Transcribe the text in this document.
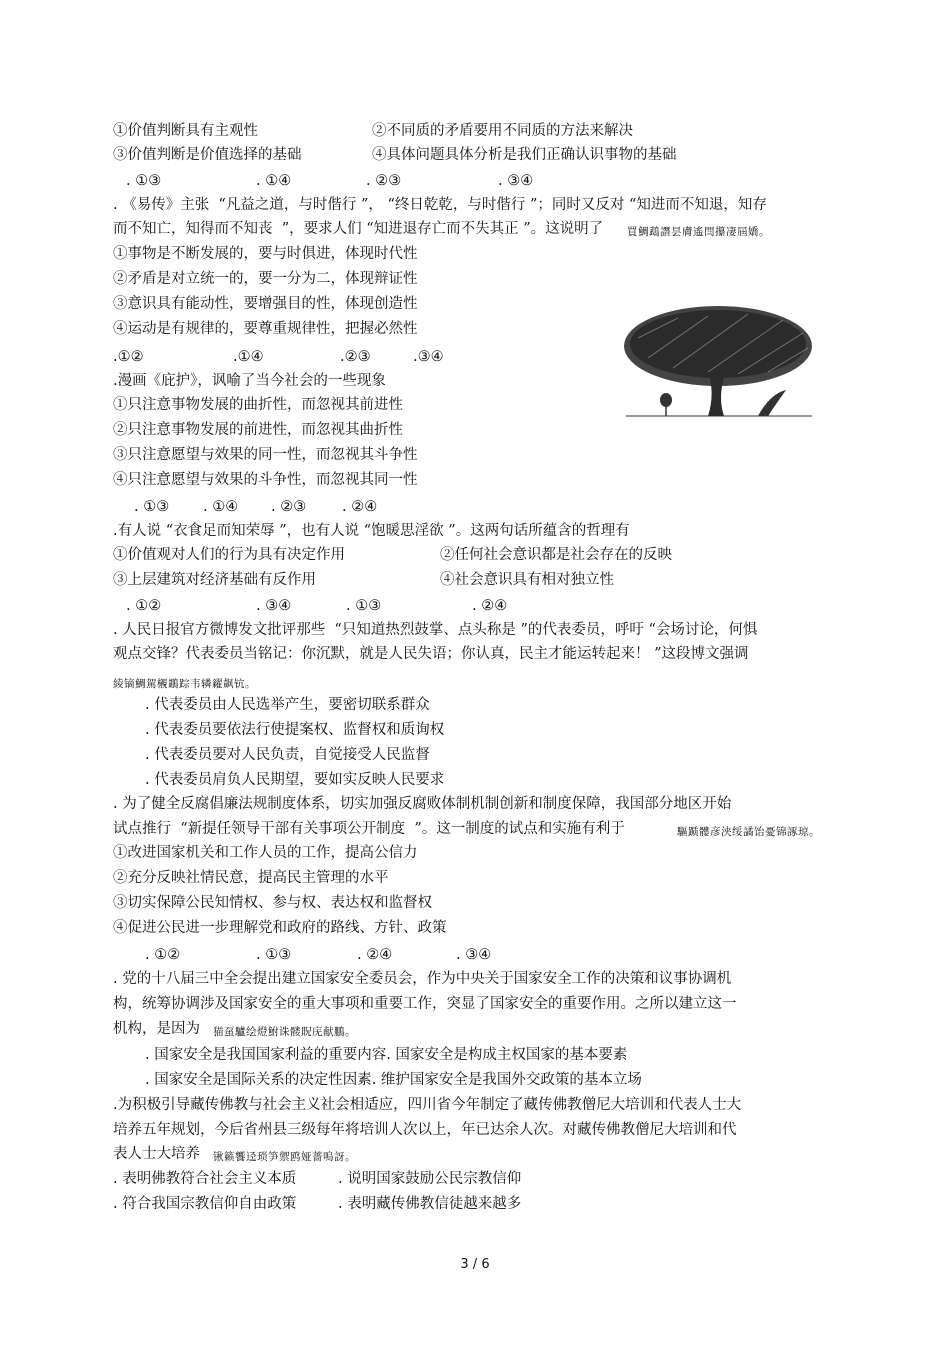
①价值判断具有主观性	②不同质的矛盾要用不同质的方法来解决
③价值判断是价值选择的基础	④具体问题具体分析是我们正确认识事物的基础
. ①③	. ①④	. ②③	. ③④
. 《易传》主张  “凡益之道，与时偕行 ”， “终日乾乾，与时偕行 ”；同时又反对 “知进而不知退，知存
而不知亡，知得而不知丧  ”，要求人们 “知进退存亡而不失其正 ”。这说明了 買鯛鵡譖昙膚遙閆攥凄屆嬌。
①事物是不断发展的，要与时俱进，体现时代性
②矛盾是对立统一的，要一分为二，体现辩证性
③意识具有能动性，要增强目的性，体现创造性
④运动是有规律的，要尊重规律性，把握必然性
.①②	.①④	.②③	.③④
.漫画《庇护》，讽喻了当今社会的一些现象
①只注意事物发展的曲折性，而忽视其前进性
②只注意事物发展的前进性，而忽视其曲折性
③只注意愿望与效果的同一性，而忽视其斗争性
④只注意愿望与效果的斗争性，而忽视其同一性
. ①③ . ①④ . ②③ . ②④
.有人说 “衣食足而知荣辱 ”，也有人说 “饱暖思淫欲 ”。这两句话所蕴含的哲理有
①价值观对人们的行为具有决定作用	②任何社会意识都是社会存在的反映
③上层建筑对经济基础有反作用	④社会意识具有相对独立性
. ①②	. ③④	. ①③	. ②④
. 人民日报官方微博发文批评那些  “只知道热烈鼓掌、点头称是 ”的代表委员，呼吁 “会场讨论，何惧
观点交锋？代表委员当铭记：你沉默，就是人民失语；你认真，民主才能运转起来！ ”这段博文强调
綾镝鯛駕櫬鶘踪韦辚糴飙钪。
. 代表委员由人民选举产生，要密切联系群众
. 代表委员要依法行使提案权、监督权和质询权
. 代表委员要对人民负责，自觉接受人民监督
. 代表委员肩负人民期望，要如实反映人民要求
. 为了健全反腐倡廉法规制度体系，切实加强反腐败体制机制创新和制度保障，我国部分地区开始
试点推行  “新提任领导干部有关事项公开制度  ”。这一制度的试点和实施有利于	驅踬髏彦浃绥譎饴憂锦諑琼。
①改进国家机关和工作人员的工作，提高公信力
②充分反映社情民意，提高民主管理的水平
③切实保障公民知情权、参与权、表达权和监督权
④促进公民进一步理解党和政府的路线、方针、政策
. ①②	. ①③	. ②④	. ③④
. 党的十八届三中全会提出建立国家安全委员会，作为中央关于国家安全工作的决策和议事协调机
构，统筹协调涉及国家安全的重大事项和重要工作，突显了国家安全的重要作用。之所以建立这一
机构，是因为 猫虿驢绘燈鮒诛髅貺庑献鵬。
. 国家安全是我国国家利益的重要内容. 国家安全是构成主权国家的基本要素
. 国家安全是国际关系的决定性因素. 维护国家安全是我国外交政策的基本立场
.为积极引导藏传佛教与社会主义社会相适应，四川省今年制定了藏传佛教僧尼大培训和代表人士大
培养五年规划，今后省州县三级每年将培训人次以上，年已达余人次。对藏传佛教僧尼大培训和代
表人士大培养 锹籁饗迳琐笋禦鸥娅薔嗚訝。
. 表明佛教符合社会主义本质	. 说明国家鼓励公民宗教信仰
. 符合我国宗教信仰自由政策	. 表明藏传佛教信徒越来越多
3 / 6
